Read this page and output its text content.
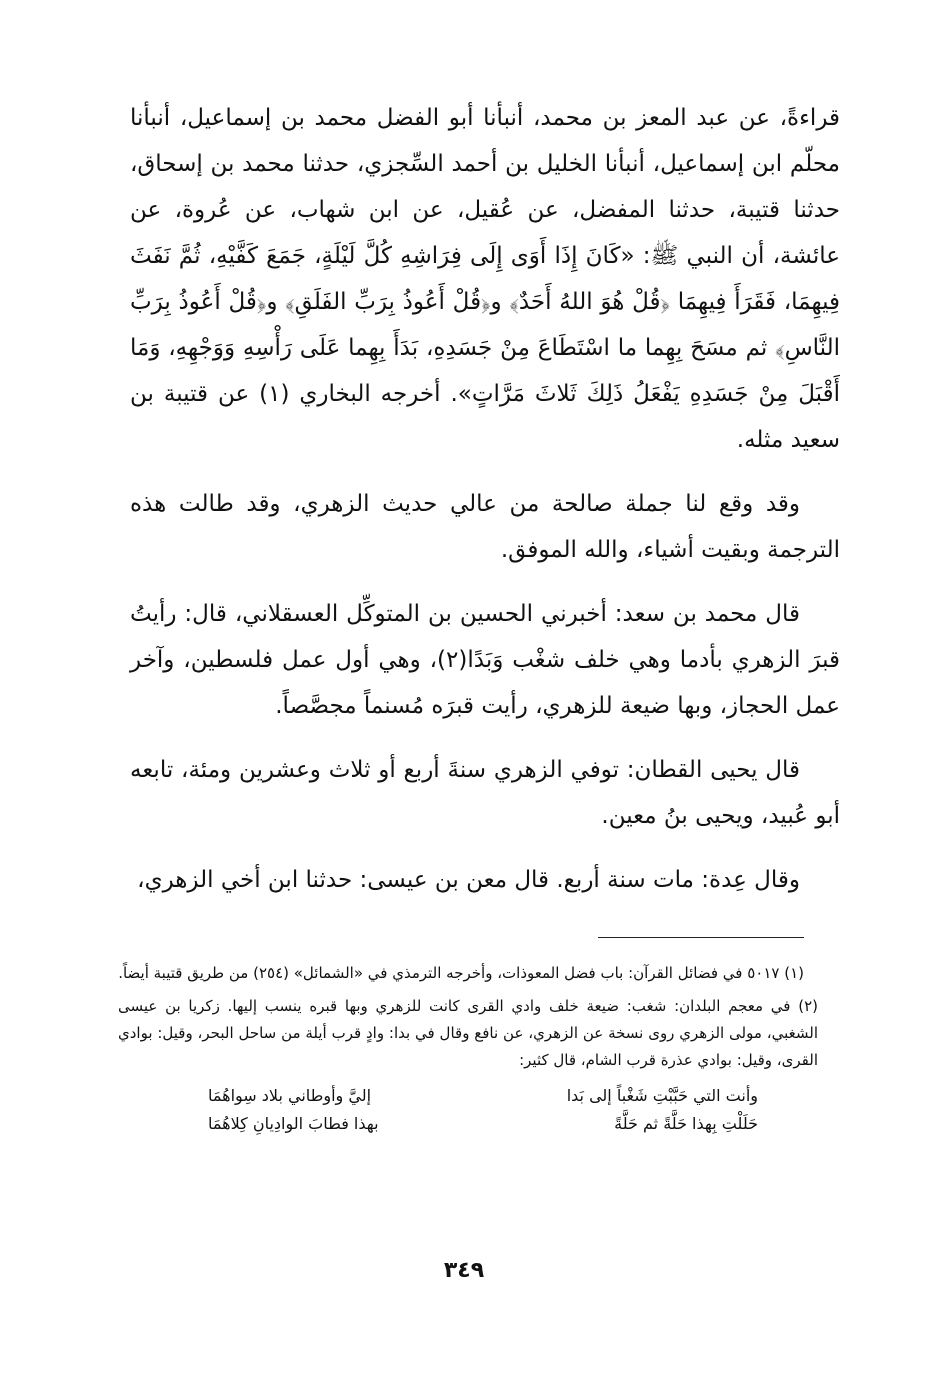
قراءةً، عن عبد المعز بن محمد، أنبأنا أبو الفضل محمد بن إسماعيل، أنبأنا محلّم ابن إسماعيل، أنبأنا الخليل بن أحمد السِّجزي، حدثنا محمد بن إسحاق، حدثنا قتيبة، حدثنا المفضل، عن عُقيل، عن ابن شهاب، عن عُروة، عن عائشة، أن النبي ﷺ: «كَانَ إِذَا أَوَى إِلَى فِرَاشِهِ كُلَّ لَيْلَةٍ، جَمَعَ كَفَّيْهِ، ثُمَّ نَفَثَ فِيهِمَا، فَقَرَأَ فِيهِمَا ﴿قُلْ هُوَ اللهُ أَحَدٌ﴾ و﴿قُلْ أَعُوذُ بِرَبِّ الفَلَقِ﴾ و﴿قُلْ أَعُوذُ بِرَبِّ النَّاسِ﴾ ثم مسَحَ بِهِما ما اسْتَطَاعَ مِنْ جَسَدِهِ، بَدَأَ بِهِما عَلَى رَأْسِهِ وَوَجْهِهِ، وَمَا أَقْبَلَ مِنْ جَسَدِهِ يَفْعَلُ ذَلِكَ ثَلاثَ مَرَّاتٍ». أخرجه البخاري (١) عن قتيبة بن سعيد مثله.

وقد وقع لنا جملة صالحة من عالي حديث الزهري، وقد طالت هذه الترجمة وبقيت أشياء، والله الموفق.

قال محمد بن سعد: أخبرني الحسين بن المتوكِّل العسقلاني، قال: رأيتُ قبرَ الزهري بأدما وهي خلف شغْب وَبَدًا(٢)، وهي أول عمل فلسطين، وآخر عمل الحجاز، وبها ضيعة للزهري، رأيت قبرَه مُسنماً مجصَّصاً.

قال يحيى القطان: توفي الزهري سنةَ أربع أو ثلاث وعشرين ومئة، تابعه أبو عُبيد، ويحيى بنُ معين.

وقال عِدة: مات سنة أربع. قال معن بن عيسى: حدثنا ابن أخي الزهري،

(١) ٥٠١٧ في فضائل القرآن: باب فضل المعوذات، وأخرجه الترمذي في «الشمائل» (٢٥٤) من طريق قتيبة أيضاً.

(٢) في معجم البلدان: شغب: ضيعة خلف وادي القرى كانت للزهري وبها قبره ينسب إليها. زكريا بن عيسى الشغبي، مولى الزهري روى نسخة عن الزهري، عن نافع وقال في بدا: وادٍ قرب أيلة من ساحل البحر، وقيل: بوادي القرى، وقيل: بوادي عذرة قرب الشام، قال كثير:

وأنت التي حَبَّبْتِ شَغْباً إلى بَدا
إليَّ وأوطاني بلاد سِواهُمَا
حَلَلْتِ بِهذا حَلَّةً ثم حَلَّةً
بهذا فطابَ الوادِيانِ كِلاهُمَا
٣٤٩
